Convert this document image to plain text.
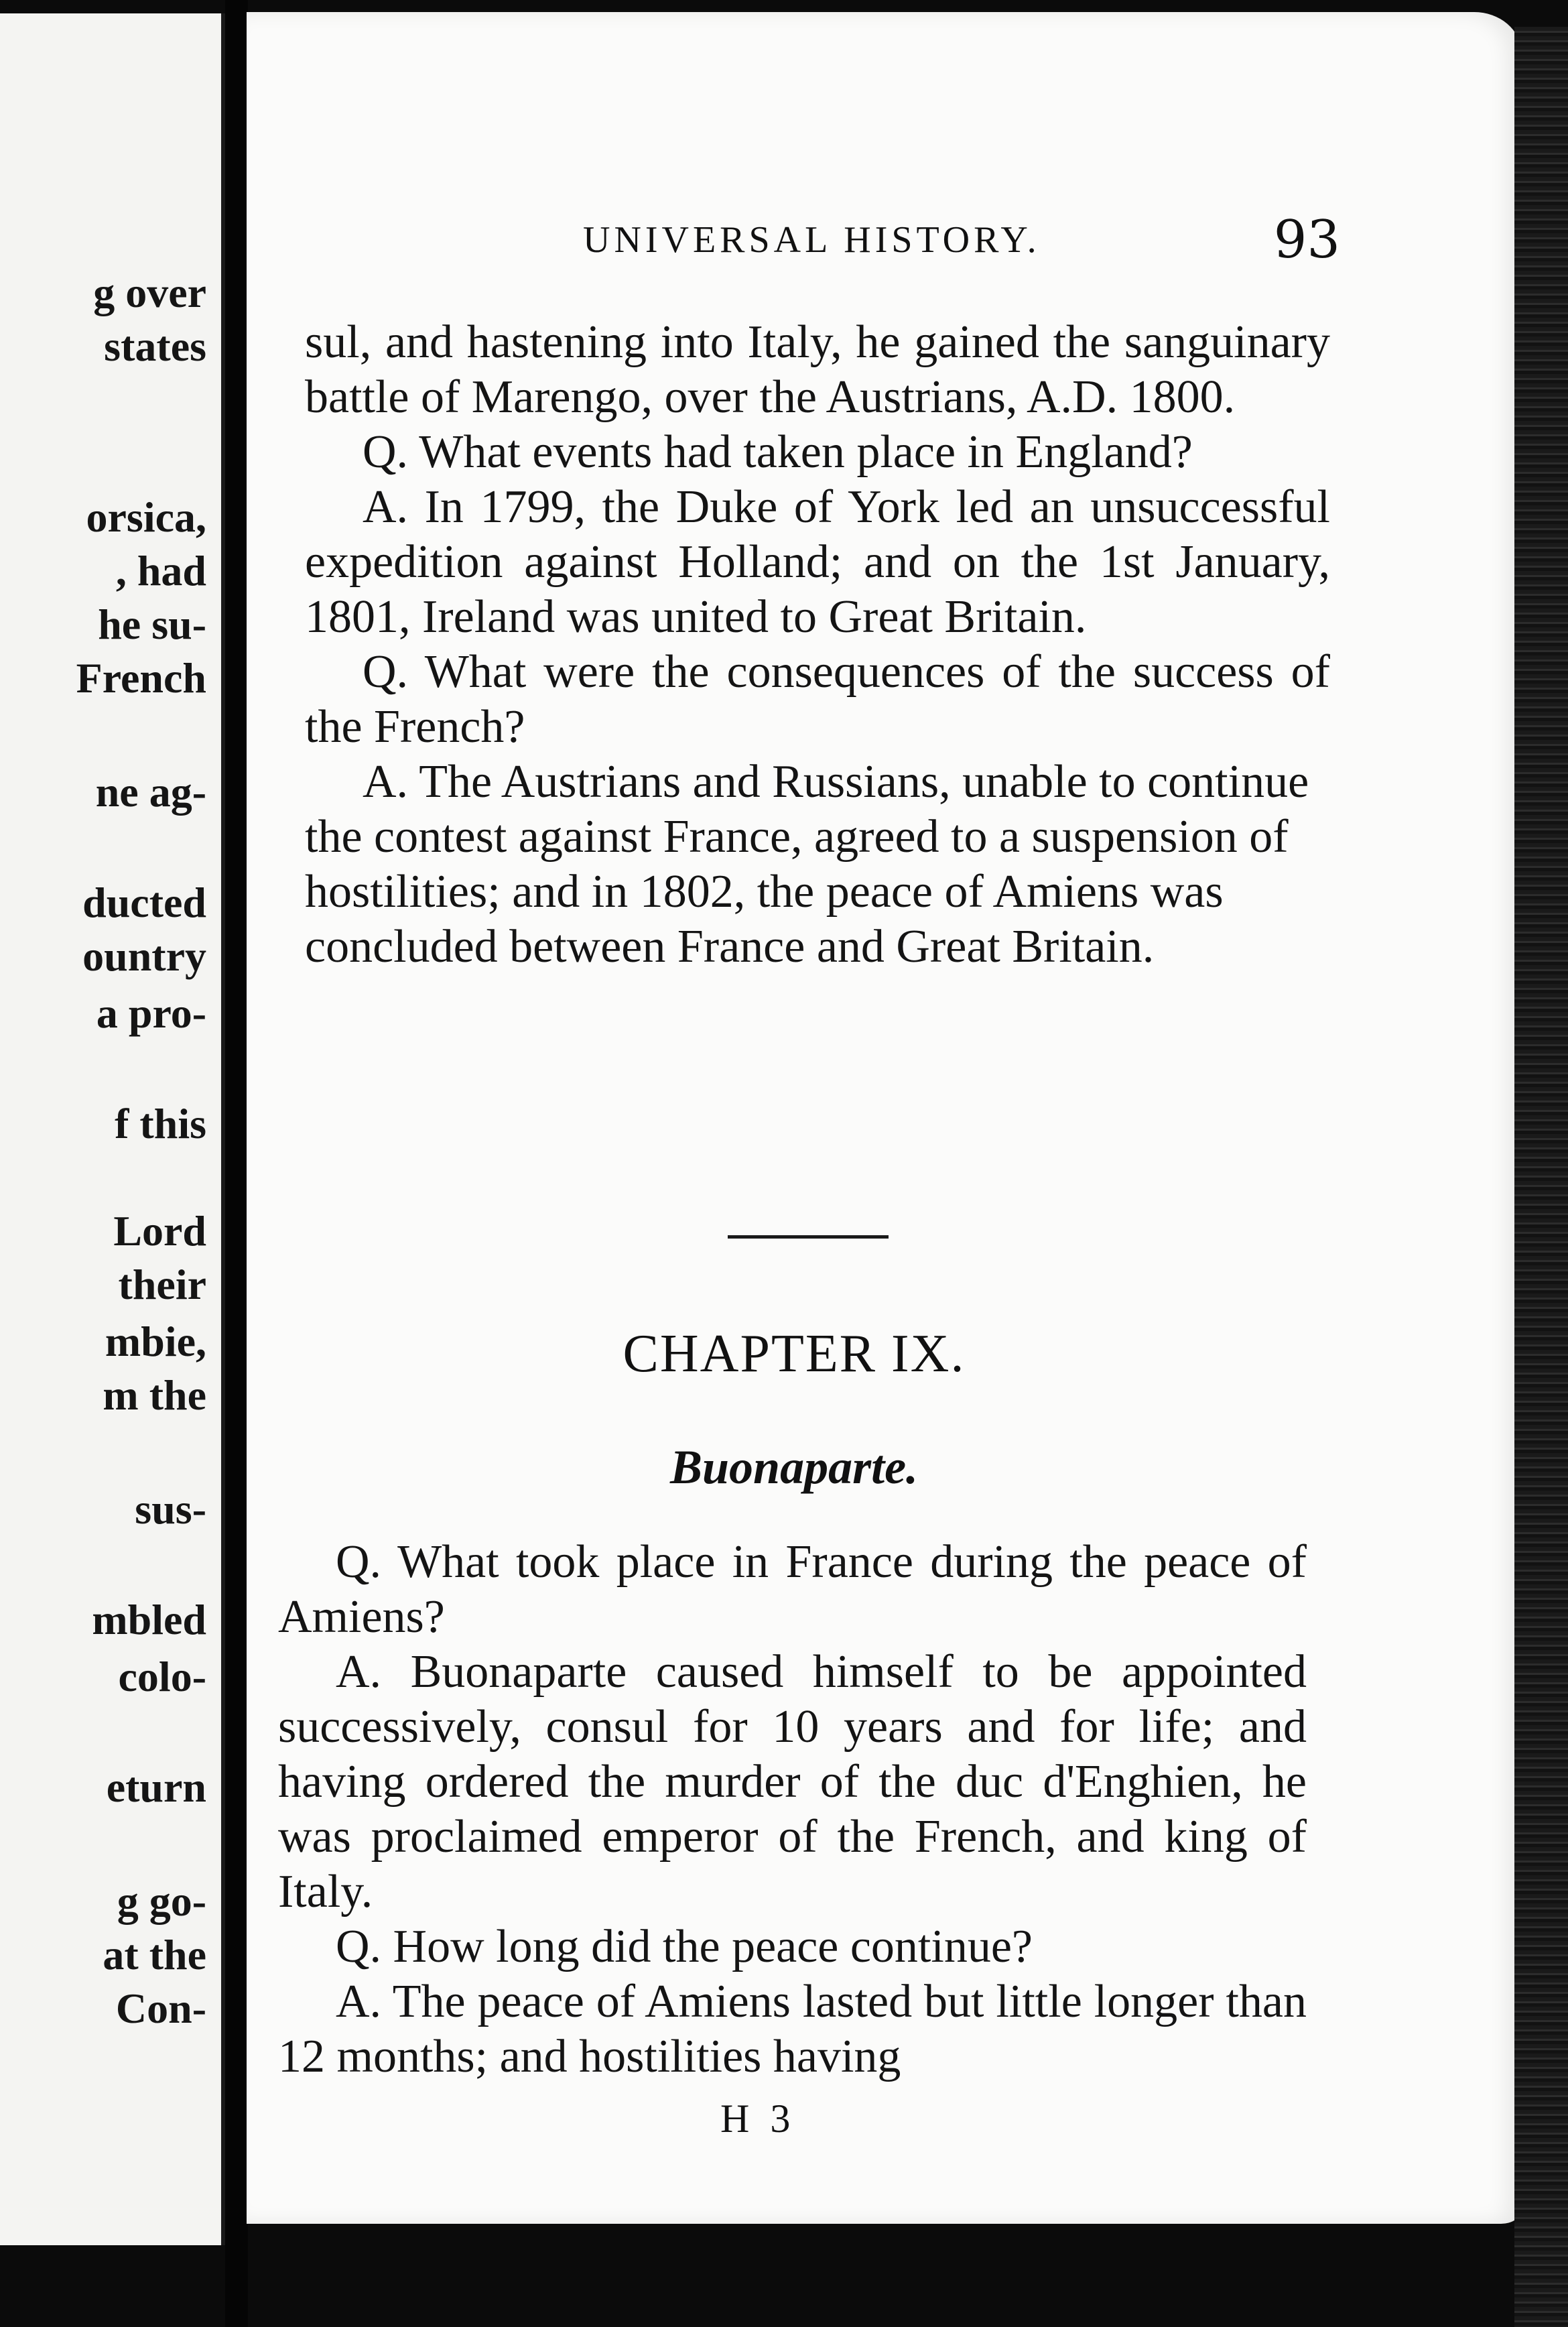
g over
states
orsica,
, had
he su-
French
ne ag-
ducted
ountry
a pro-
f this
Lord
their
mbie,
m the
sus-
mbled
colo-
eturn
g go-
at the
Con-
UNIVERSAL HISTORY.	93

sul, and hastening into Italy, he gained the sanguinary battle of Marengo, over the Austrians, A.D. 1800.

Q. What events had taken place in England?

A. In 1799, the Duke of York led an unsuccessful expedition against Holland; and on the 1st January, 1801, Ireland was united to Great Britain.

Q. What were the consequences of the success of the French?

A. The Austrians and Russians, unable to continue the contest against France, agreed to a suspension of hostilities; and in 1802, the peace of Amiens was concluded between France and Great Britain.

CHAPTER IX.
Buonaparte.

Q. What took place in France during the peace of Amiens?

A. Buonaparte caused himself to be appointed successively, consul for 10 years and for life; and having ordered the murder of the duc d'Enghien, he was proclaimed emperor of the French, and king of Italy.

Q. How long did the peace continue?

A. The peace of Amiens lasted but little longer than 12 months; and hostilities having

H 3
